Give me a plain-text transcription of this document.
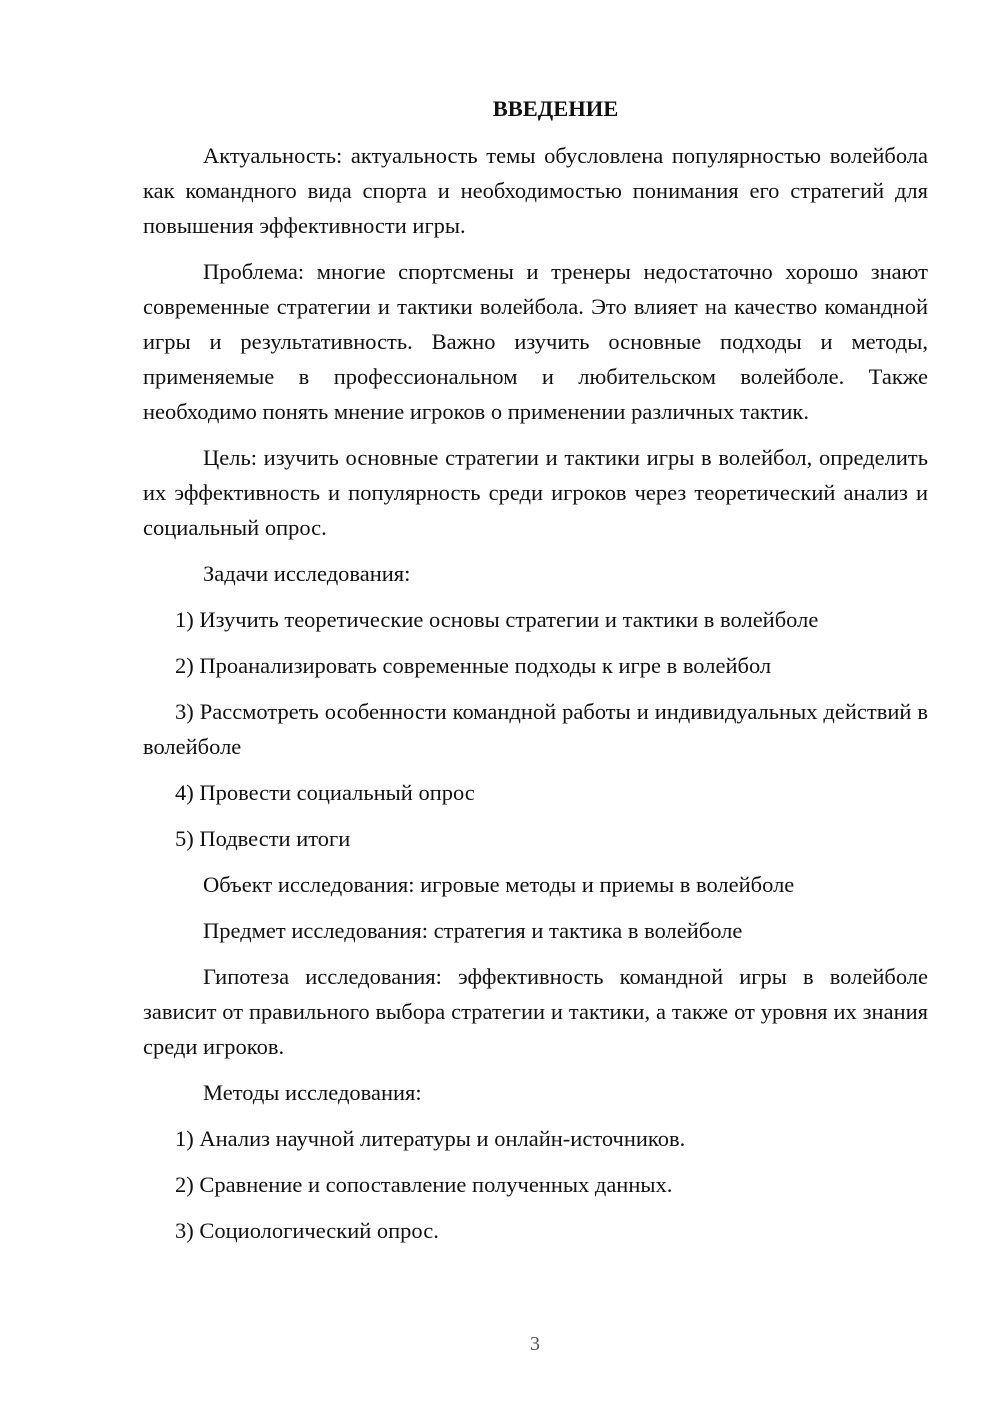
ВВЕДЕНИЕ

Актуальность: актуальность темы обусловлена популярностью волейбола как командного вида спорта и необходимостью понимания его стратегий для повышения эффективности игры.

Проблема: многие спортсмены и тренеры недостаточно хорошо знают современные стратегии и тактики волейбола. Это влияет на качество командной игры и результативность. Важно изучить основные подходы и методы, применяемые в профессиональном и любительском волейболе. Также необходимо понять мнение игроков о применении различных тактик.

Цель: изучить основные стратегии и тактики игры в волейбол, определить их эффективность и популярность среди игроков через теоретический анализ и социальный опрос.

Задачи исследования:

1) Изучить теоретические основы стратегии и тактики в волейболе

2) Проанализировать современные подходы к игре в волейбол

3) Рассмотреть особенности командной работы и индивидуальных действий в волейболе

4) Провести социальный опрос

5) Подвести итоги

Объект исследования: игровые методы и приемы в волейболе

Предмет исследования: стратегия и тактика в волейболе

Гипотеза исследования: эффективность командной игры в волейболе зависит от правильного выбора стратегии и тактики, а также от уровня их знания среди игроков.

Методы исследования:

1) Анализ научной литературы и онлайн-источников.

2) Сравнение и сопоставление полученных данных.

3) Социологический опрос.

3
